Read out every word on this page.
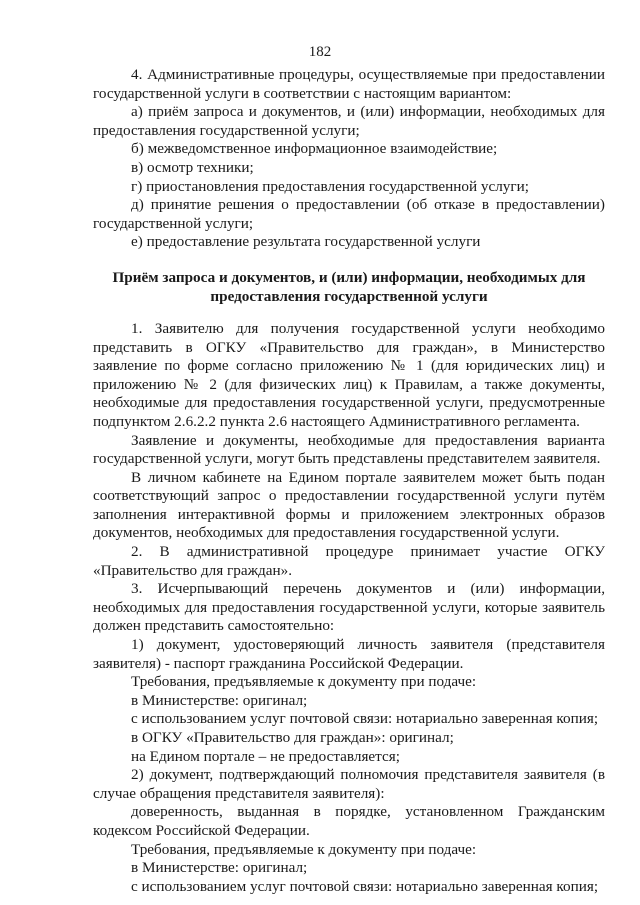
182

4. Административные процедуры, осуществляемые при предоставлении государственной услуги в соответствии с настоящим вариантом:

а) приём запроса и документов, и (или) информации, необходимых для предоставления государственной услуги;

б) межведомственное информационное взаимодействие;

в) осмотр техники;

г) приостановления предоставления государственной услуги;

д) принятие решения о предоставлении (об отказе в предоставлении) государственной услуги;

е) предоставление результата государственной услуги

Приём запроса и документов, и (или) информации, необходимых для предоставления государственной услуги

1. Заявителю для получения государственной услуги необходимо представить в ОГКУ «Правительство для граждан», в Министерство заявление по форме согласно приложению № 1 (для юридических лиц) и приложению № 2 (для физических лиц) к Правилам, а также документы, необходимые для предоставления государственной услуги, предусмотренные подпунктом 2.6.2.2 пункта 2.6 настоящего Административного регламента.

Заявление и документы, необходимые для предоставления варианта государственной услуги, могут быть представлены представителем заявителя.

В личном кабинете на Едином портале заявителем может быть подан соответствующий запрос о предоставлении государственной услуги путём заполнения интерактивной формы и приложением электронных образов документов, необходимых для предоставления государственной услуги.

2. В административной процедуре принимает участие ОГКУ «Правительство для граждан».

3. Исчерпывающий перечень документов и (или) информации, необходимых для предоставления государственной услуги, которые заявитель должен представить самостоятельно:

1) документ, удостоверяющий личность заявителя (представителя заявителя) - паспорт гражданина Российской Федерации.

Требования, предъявляемые к документу при подаче:

в Министерстве: оригинал;

с использованием услуг почтовой связи: нотариально заверенная копия;

в ОГКУ «Правительство для граждан»: оригинал;

на Едином портале – не предоставляется;

2) документ, подтверждающий полномочия представителя заявителя (в случае обращения представителя заявителя):

доверенность, выданная в порядке, установленном Гражданским кодексом Российской Федерации.

Требования, предъявляемые к документу при подаче:

в Министерстве: оригинал;

с использованием услуг почтовой связи: нотариально заверенная копия;
